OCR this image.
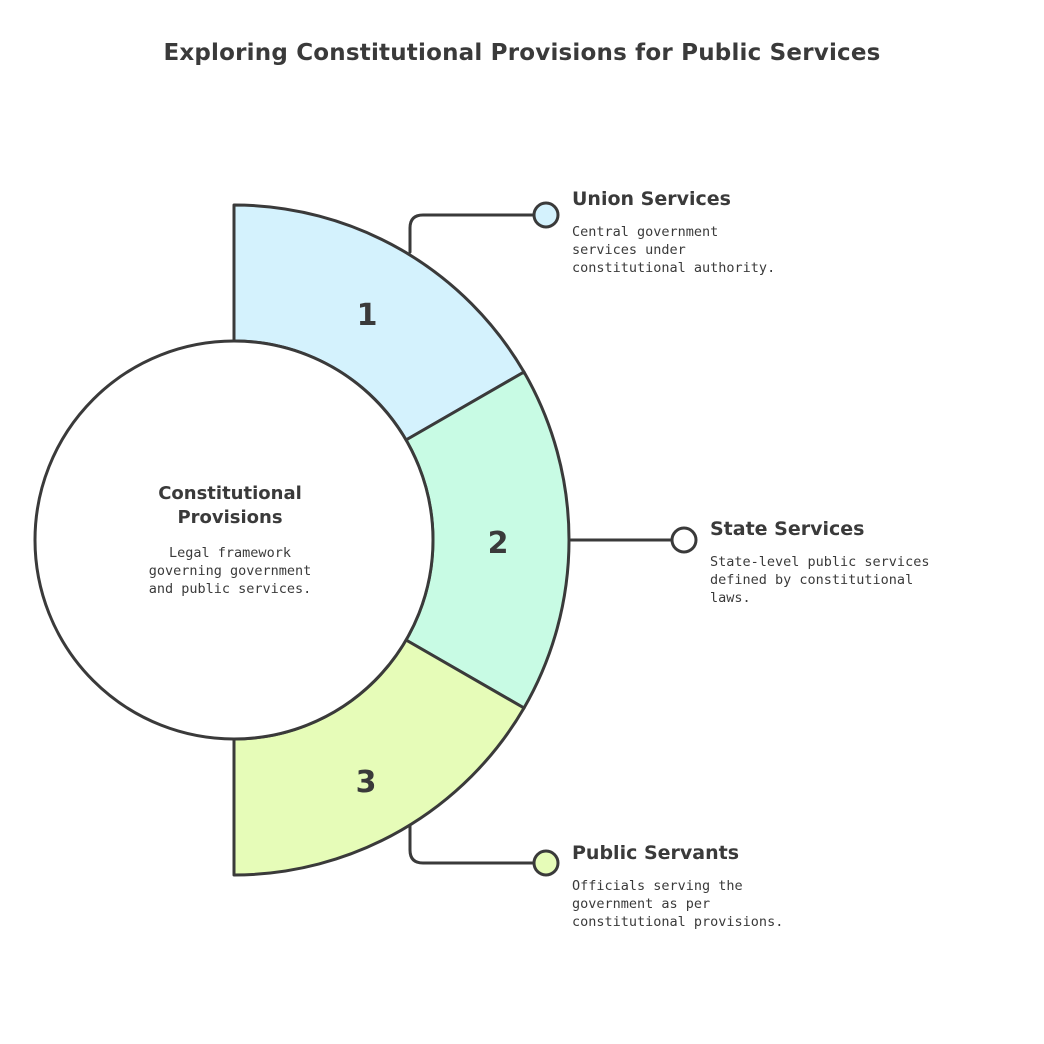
Exploring Constitutional Provisions for Public Services
1
2
3
Constitutional
Provisions
Legal framework
governing government
and public services.
Union Services
Central government
services under
constitutional authority.
State Services
State-level public services
defined by constitutional
laws.
Public Servants
Officials serving the
government as per
constitutional provisions.
